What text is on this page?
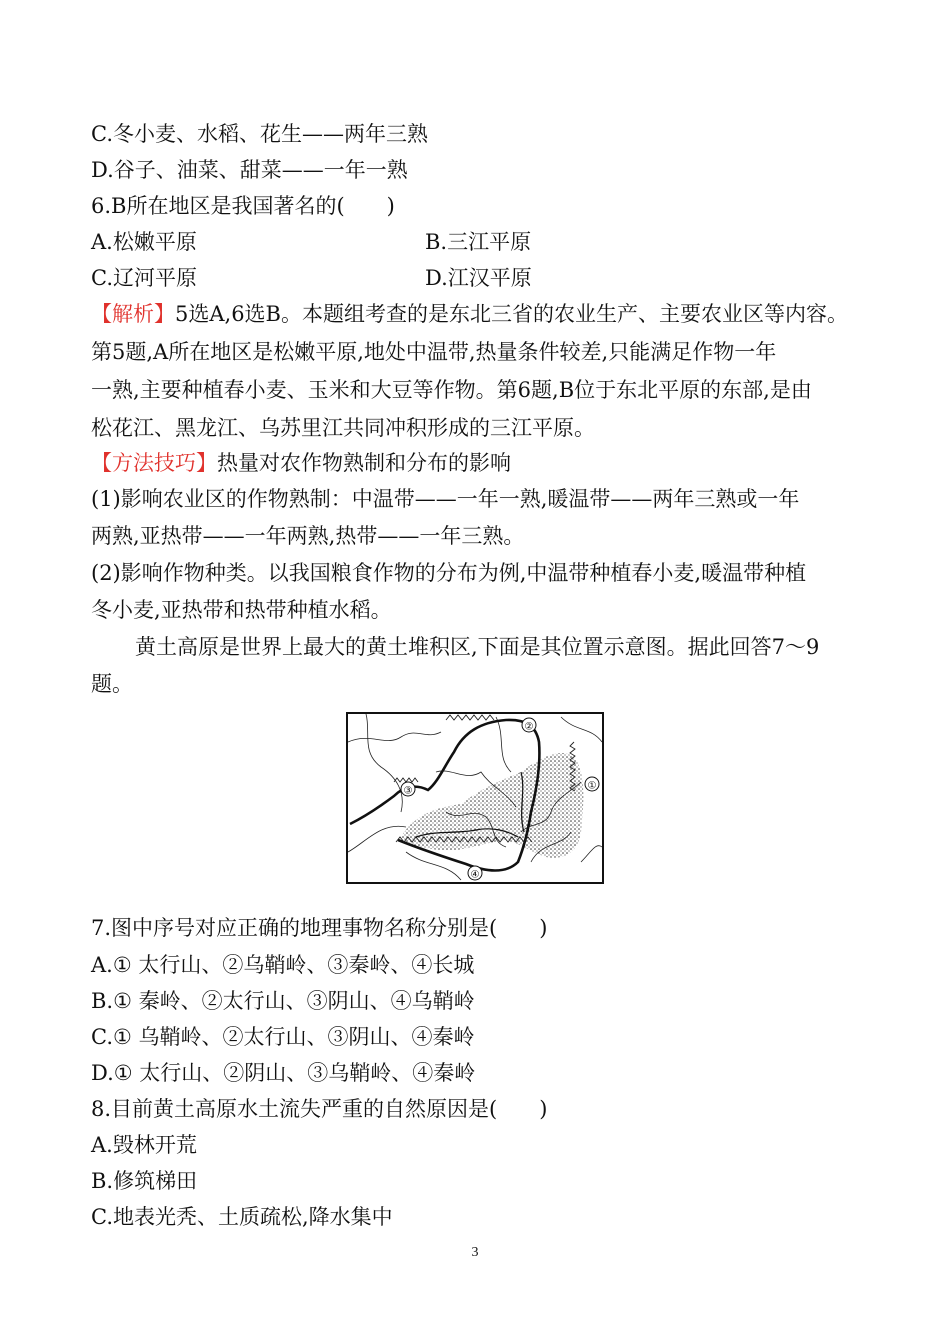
C.冬小麦、水稻、花生——两年三熟
D.谷子、油菜、甜菜——一年一熟
6.B所在地区是我国著名的(　　)
A.松嫩平原	B.三江平原
C.辽河平原	D.江汉平原
【解析】5选A,6选B。本题组考查的是东北三省的农业生产、主要农业区等内容。
第5题,A所在地区是松嫩平原,地处中温带,热量条件较差,只能满足作物一年
一熟,主要种植春小麦、玉米和大豆等作物。第6题,B位于东北平原的东部,是由
松花江、黑龙江、乌苏里江共同冲积形成的三江平原。
【方法技巧】热量对农作物熟制和分布的影响
(1)影响农业区的作物熟制：中温带——一年一熟,暖温带——两年三熟或一年
两熟,亚热带——一年两熟,热带——一年三熟。
(2)影响作物种类。以我国粮食作物的分布为例,中温带种植春小麦,暖温带种植
冬小麦,亚热带和热带种植水稻。
黄土高原是世界上最大的黄土堆积区,下面是其位置示意图。据此回答7～9
题。
②
①
③
④
7.图中序号对应正确的地理事物名称分别是(　　)
A.① 太行山、②乌鞘岭、③秦岭、④长城
B.① 秦岭、②太行山、③阴山、④乌鞘岭
C.① 乌鞘岭、②太行山、③阴山、④秦岭
D.① 太行山、②阴山、③乌鞘岭、④秦岭
8.目前黄土高原水土流失严重的自然原因是(　　)
A.毁林开荒
B.修筑梯田
C.地表光秃、土质疏松,降水集中
3
